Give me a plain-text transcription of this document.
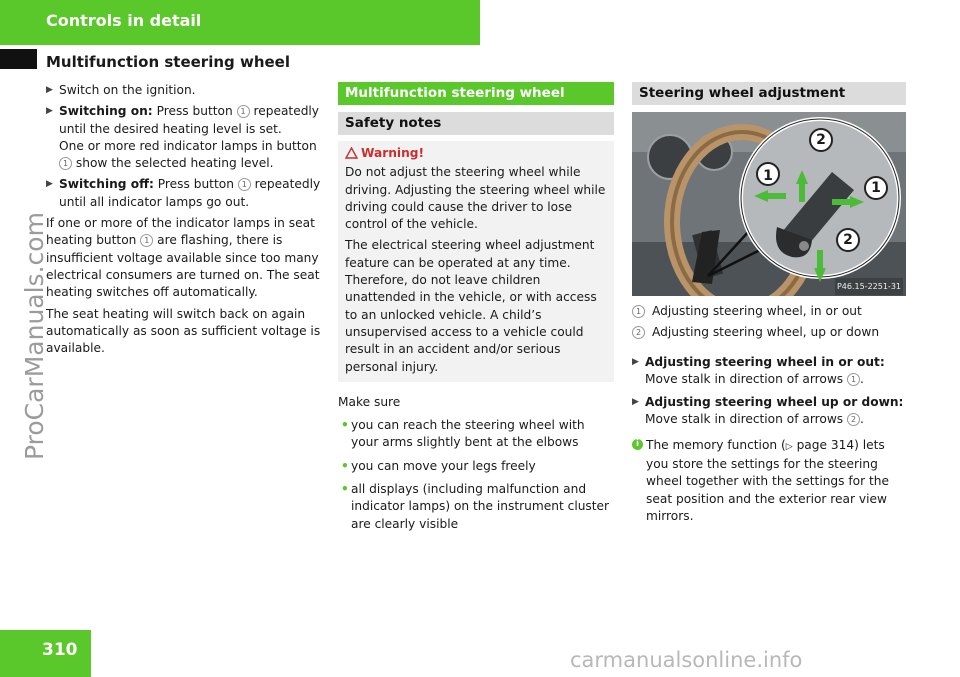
Controls in detail
Multifunction steering wheel
ProCarManuals.com
▶ Switch on the ignition.
▶ Switching on: Press button 1 repeatedly until the desired heating level is set.
One or more red indicator lamps in button 1 show the selected heating level.
▶ Switching off: Press button 1 repeatedly until all indicator lamps go out.

If one or more of the indicator lamps in seat heating button 1 are flashing, there is insufficient voltage available since too many electrical consumers are turned on. The seat heating switches off automatically.

The seat heating will switch back on again automatically as soon as sufficient voltage is available.

Multifunction steering wheel
Safety notes
Warning!

Do not adjust the steering wheel while driving. Adjusting the steering wheel while driving could cause the driver to lose control of the vehicle.

The electrical steering wheel adjustment feature can be operated at any time. Therefore, do not leave children unattended in the vehicle, or with access to an unlocked vehicle. A child’s unsupervised access to a vehicle could result in an accident and/or serious personal injury.

Make sure

• you can reach the steering wheel with your arms slightly bent at the elbows
• you can move your legs freely
• all displays (including malfunction and indicator lamps) on the instrument cluster are clearly visible
Steering wheel adjustment
1
2
1
2
P46.15-2251-31
1 Adjusting steering wheel, in or out
2 Adjusting steering wheel, up or down
▶ Adjusting steering wheel in or out: Move stalk in direction of arrows 1 .
▶ Adjusting steering wheel up or down: Move stalk in direction of arrows 2 .
i The memory function (▷ page 314) lets you store the settings for the steering wheel together with the settings for the seat position and the exterior rear view mirrors.
310	carmanualsonline.info
